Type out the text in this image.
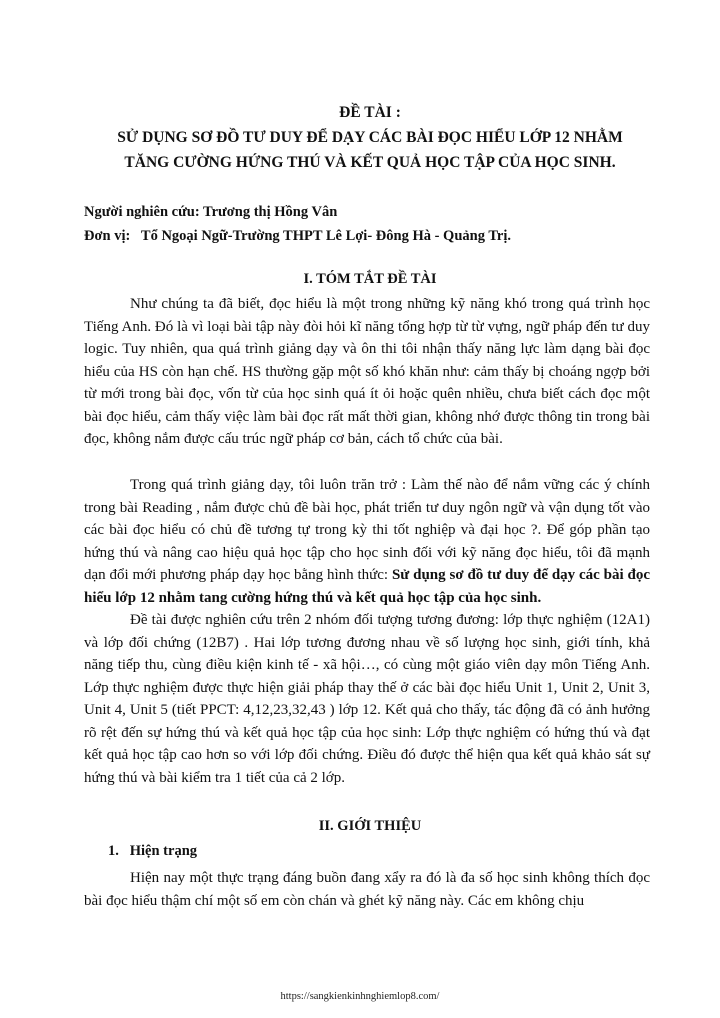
ĐỀ TÀI :
SỬ DỤNG SƠ ĐỒ TƯ DUY ĐỂ DẠY CÁC BÀI ĐỌC HIỂU LỚP 12 NHẰM
TĂNG CƯỜNG HỨNG THÚ VÀ KẾT QUẢ HỌC TẬP CỦA HỌC SINH.
Người nghiên cứu: Trương thị Hồng Vân
Đơn vị:   Tổ Ngoại Ngữ-Trường THPT Lê Lợi- Đông Hà - Quảng Trị.
I. TÓM TẮT ĐỀ TÀI

Như chúng ta đã biết, đọc hiểu là một trong những kỹ năng khó trong quá trình học Tiếng Anh. Đó là vì loại bài tập này đòi hỏi kĩ năng tổng hợp từ từ vựng, ngữ pháp đến tư duy logic. Tuy nhiên, qua quá trình giảng dạy và ôn thi tôi nhận thấy năng lực làm dạng bài đọc hiểu của HS còn hạn chế. HS thường gặp một số khó khăn như: cảm thấy bị choáng ngợp bởi từ mới trong bài đọc, vốn từ của học sinh quá ít ỏi hoặc quên nhiều, chưa biết cách đọc một bài đọc hiểu, cảm thấy việc làm bài đọc rất mất thời gian, không nhớ được thông tin trong bài đọc, không nắm được cấu trúc ngữ pháp cơ bản, cách tổ chức của bài.

Trong quá trình giảng dạy, tôi luôn trăn trở : Làm thế nào để nắm vững các ý chính trong bài Reading , nắm được chủ đề bài học, phát triển tư duy ngôn ngữ và vận dụng tốt vào các bài đọc hiểu có chủ đề tương tự trong kỳ thi tốt nghiệp và đại học ?. Để góp phần tạo hứng thú và nâng cao hiệu quả học tập cho học sinh đối với kỹ năng đọc hiểu, tôi đã mạnh dạn đổi mới phương pháp dạy học bằng hình thức: Sử dụng sơ đồ tư duy để dạy các bài đọc hiểu lớp 12 nhằm tang cường hứng thú và kết quả học tập của học sinh.

Đề tài được nghiên cứu trên 2 nhóm đối tượng tương đương: lớp thực nghiệm (12A1) và lớp đối chứng (12B7) . Hai lớp tương đương nhau về số lượng học sinh, giới tính, khả năng tiếp thu, cùng điều kiện kinh tế - xã hội…, có cùng một giáo viên dạy môn Tiếng Anh. Lớp thực nghiệm được thực hiện giải pháp thay thế ở các bài đọc hiểu Unit 1, Unit 2, Unit 3, Unit 4, Unit 5 (tiết PPCT: 4,12,23,32,43 ) lớp 12. Kết quả cho thấy, tác động đã có ảnh hưởng rõ rệt đến sự hứng thú và kết quả học tập của học sinh: Lớp thực nghiệm có hứng thú và đạt kết quả học tập cao hơn so với lớp đối chứng. Điều đó được thể hiện qua kết quả khảo sát sự hứng thú và bài kiểm tra 1 tiết của cả 2 lớp.

II. GIỚI THIỆU
1.   Hiện trạng

Hiện nay một thực trạng đáng buồn đang xẩy ra đó là đa số học sinh không thích đọc bài đọc hiểu thậm chí một số em còn chán và ghét kỹ năng này. Các em không chịu

https://sangkienkinhnghiemlop8.com/
